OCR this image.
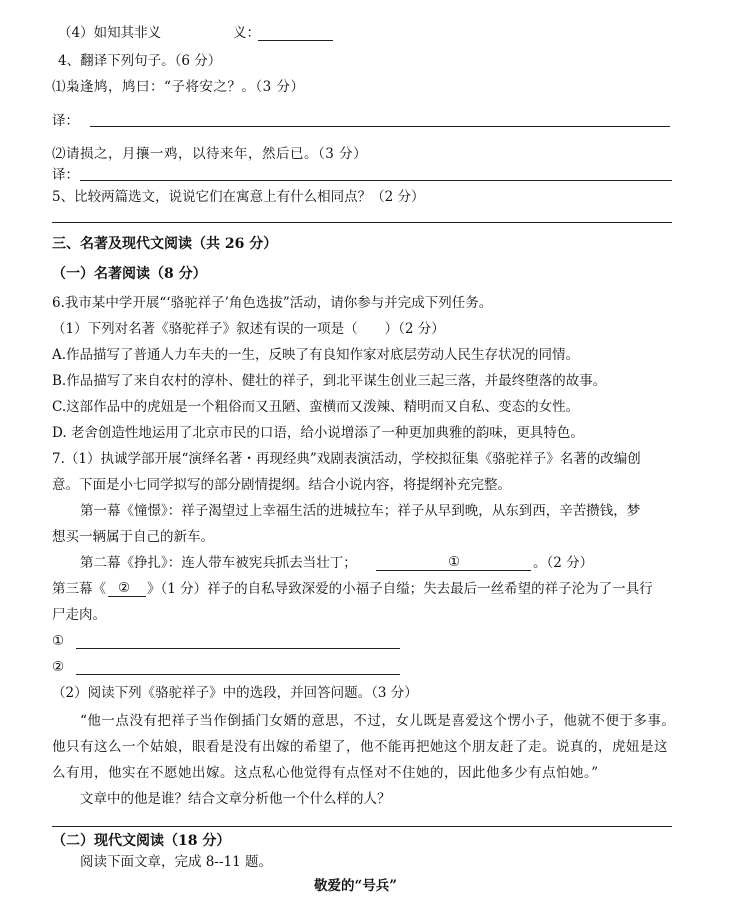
（4）如知其非义	义：
4、翻译下列句子。（6 分）
⑴枭逢鸠，鸠曰：“子将安之？。（3 分）
译：
⑵请损之，月攘一鸡，以待来年，然后已。（3 分）
译：
5、比较两篇选文，说说它们在寓意上有什么相同点？（2 分）
三、名著及现代文阅读（共 26 分）
（一）名著阅读（8 分）
6.我市某中学开展“‘骆驼祥子’角色选拔”活动，请你参与并完成下列任务。
（1）下列对名著《骆驼祥子》叙述有误的一项是（　　）（2 分）
A.作品描写了普通人力车夫的一生，反映了有良知作家对底层劳动人民生存状况的同情。
B.作品描写了来自农村的淳朴、健壮的祥子，到北平谋生创业三起三落，并最终堕落的故事。
C.这部作品中的虎妞是一个粗俗而又丑陋、蛮横而又泼辣、精明而又自私、变态的女性。
D. 老舍创造性地运用了北京市民的口语，给小说增添了一种更加典雅的韵味，更具特色。
7.（1）执诚学部开展“演绎名著・再现经典”戏剧表演活动，学校拟征集《骆驼祥子》名著的改编创
意。下面是小七同学拟写的部分剧情提纲。结合小说内容，将提纲补充完整。
第一幕《憧憬》：祥子渴望过上幸福生活的进城拉车；祥子从早到晚，从东到西，辛苦攒钱，梦
想买一辆属于自己的新车。
第二幕《挣扎》：连人带车被宪兵抓去当壮丁；	①	。（2 分）
第三幕《 ② 》（1 分）祥子的自私导致深爱的小福子自缢；失去最后一丝希望的祥子沦为了一具行
尸走肉。
①
②
（2）阅读下列《骆驼祥子》中的选段，并回答问题。（3 分）
“他一点没有把祥子当作倒插门女婿的意思，不过，女儿既是喜爱这个愣小子，他就不便于多事。
他只有这么一个姑娘，眼看是没有出嫁的希望了，他不能再把她这个朋友赶了走。说真的，虎妞是这
么有用，他实在不愿她出嫁。这点私心他觉得有点怪对不住她的，因此他多少有点怕她。”
文章中的他是谁？结合文章分析他一个什么样的人？
（二）现代文阅读（18 分）
阅读下面文章，完成 8--11 题。
敬爱的“号兵”
